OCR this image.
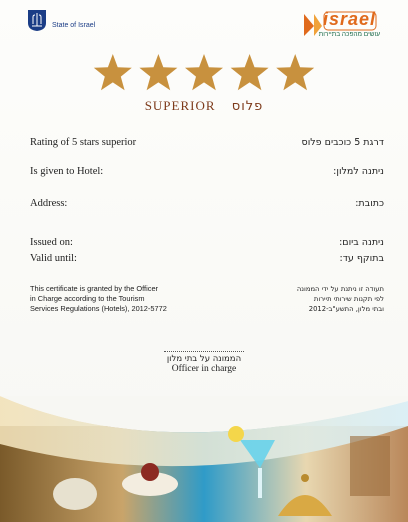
State of Israel	israel
עושים מהפכה בתיירות
SUPERIOR פלוס
Rating of 5 stars superior	דרגת 5 כוכבים פלוס
Is given to Hotel:	ניתנה למלון:
Address:	כתובת:
Issued on:	ניתנה ביום:
Valid until:	בתוקף עד:
This certificate is granted by the Officer
in Charge according to the Tourism
Services Regulations (Hotels), 2012-5772
תעודה זו ניתנת על ידי הממונה
לפי תקנות שירותי תיירות
ובתי מלון, התשע"ב-2012
הממונה על בתי מלון
Officer in charge
